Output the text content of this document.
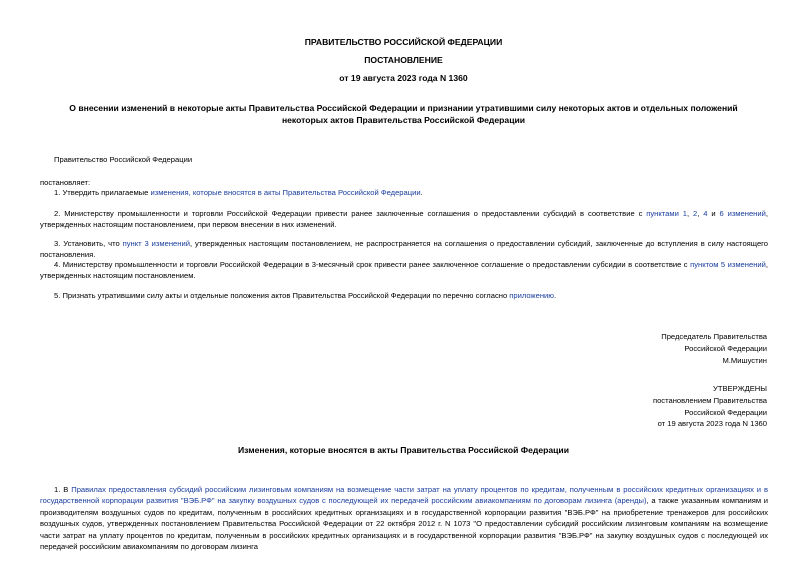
ПРАВИТЕЛЬСТВО РОССИЙСКОЙ ФЕДЕРАЦИИ
ПОСТАНОВЛЕНИЕ
от 19 августа 2023 года N 1360
О внесении изменений в некоторые акты Правительства Российской Федерации и признании утратившими силу некоторых актов и отдельных положений
некоторых актов Правительства Российской Федерации
Правительство Российской Федерации
постановляет:
1. Утвердить прилагаемые изменения, которые вносятся в акты Правительства Российской Федерации.
2. Министерству промышленности и торговли Российской Федерации привести ранее заключенные соглашения о предоставлении субсидий в соответствие с пунктами 1, 2, 4 и 6 изменений, утвержденных настоящим постановлением, при первом внесении в них изменений.
3. Установить, что пункт 3 изменений, утвержденных настоящим постановлением, не распространяется на соглашения о предоставлении субсидий, заключенные до вступления в силу настоящего постановления.
4. Министерству промышленности и торговли Российской Федерации в 3-месячный срок привести ранее заключенное соглашение о предоставлении субсидии в соответствие с пунктом 5 изменений, утвержденных настоящим постановлением.
5. Признать утратившими силу акты и отдельные положения актов Правительства Российской Федерации по перечню согласно приложению.
Председатель Правительства
Российской Федерации
М.Мишустин
УТВЕРЖДЕНЫ
постановлением Правительства
Российской Федерации
от 19 августа 2023 года N 1360
Изменения, которые вносятся в акты Правительства Российской Федерации
1. В Правилах предоставления субсидий российским лизинговым компаниям на возмещение части затрат на уплату процентов по кредитам, полученным в российских кредитных организациях и в государственной корпорации развития "ВЭБ.РФ" на закупку воздушных судов с последующей их передачей российским авиакомпаниям по договорам лизинга (аренды), а также указанным компаниям и производителям воздушных судов по кредитам, полученным в российских кредитных организациях и в государственной корпорации развития "ВЭБ.РФ" на приобретение тренажеров для российских воздушных судов, утвержденных постановлением Правительства Российской Федерации от 22 октября 2012 г. N 1073 "О предоставлении субсидий российским лизинговым компаниям на возмещение части затрат на уплату процентов по кредитам, полученным в российских кредитных организациях и в государственной корпорации развития "ВЭБ.РФ" на закупку воздушных судов с последующей их передачей российским авиакомпаниям по договорам лизинга
